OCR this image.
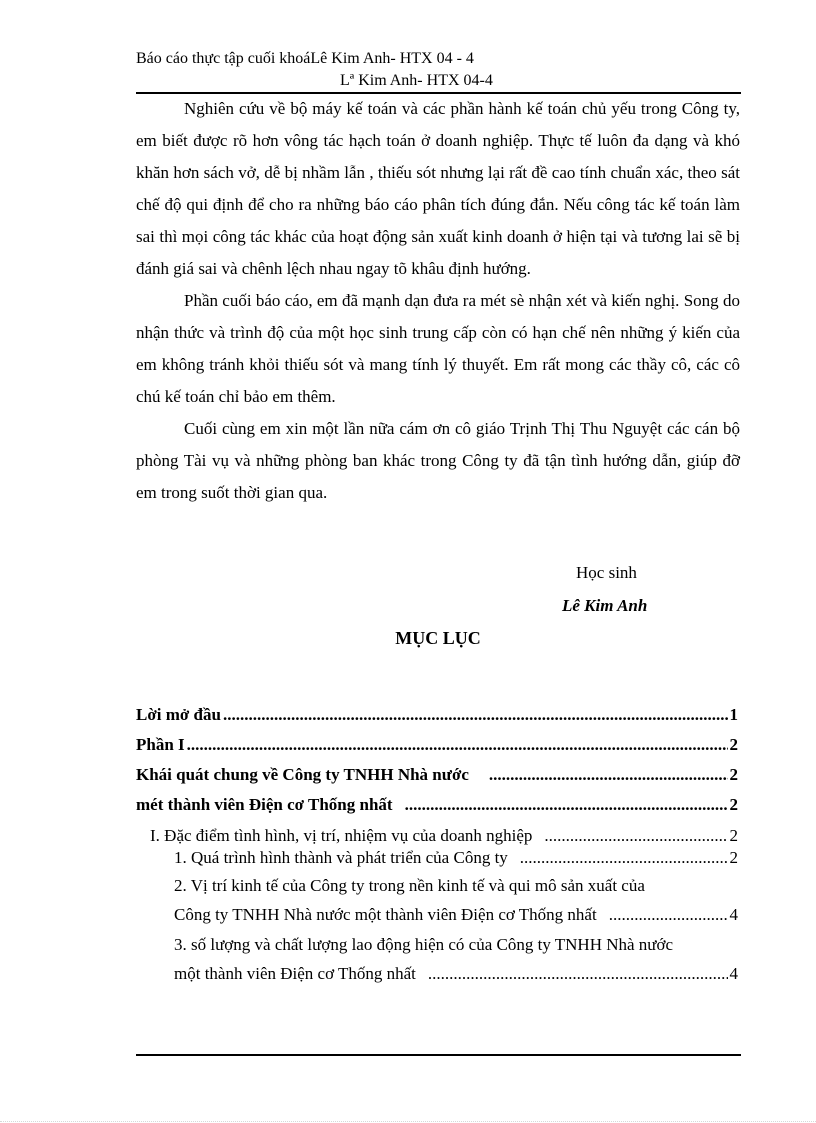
Báo cáo thực tập cuối khoáLê Kim Anh- HTX 04 - 4
Lª Kim Anh- HTX 04-4

Nghiên cứu về bộ máy kế toán và các phần hành kế toán chủ yếu trong Công ty, em biết được rõ hơn vông tác hạch toán ở doanh nghiệp. Thực tế luôn đa dạng và khó khăn hơn sách vở, dễ bị nhầm lẫn , thiếu sót nhưng lại rất đề cao tính chuẩn xác, theo sát chế độ qui định để cho ra những báo cáo phân tích đúng đắn. Nếu công tác kế toán làm sai thì mọi công tác khác của hoạt động sản xuất kinh doanh ở hiện tại và tương lai sẽ bị đánh giá sai và chênh lệch nhau ngay tõ khâu định hướng.

Phần cuối báo cáo, em đã mạnh dạn đưa ra mét sè nhận xét và kiến nghị. Song do nhận thức và trình độ của một học sinh trung cấp còn có hạn chế nên những ý kiến của em không tránh khỏi thiếu sót và mang tính lý thuyết. Em rất mong các thầy cô, các cô chú kế toán chỉ bảo em thêm.

Cuối cùng em xin một lần nữa cám ơn cô giáo Trịnh Thị Thu Nguyệt các cán bộ phòng Tài vụ và những phòng ban khác trong Công ty đã tận tình hướng dẫn, giúp đỡ em trong suốt thời gian qua.

Học sinh
Lê Kim Anh
MỤC LỤC
Lời mở đầu .....	1
Phần I .....	2
Khái quát chung về Công ty TNHH Nhà nước .....	2
mét thành viên Điện cơ Thống nhất .....	2
I. Đặc điểm tình hình, vị trí, nhiệm vụ của doanh nghiệp .....	2
1. Quá trình hình thành và phát triển của Công ty .....	2
2. Vị trí kinh tế của Công ty trong nền kinh tế và qui mô sản xuất của
Công ty TNHH Nhà nước một thành viên Điện cơ Thống nhất .....	4
3. số lượng và chất lượng lao động hiện có của Công ty TNHH Nhà nước
một thành viên Điện cơ Thống nhất .....	4
